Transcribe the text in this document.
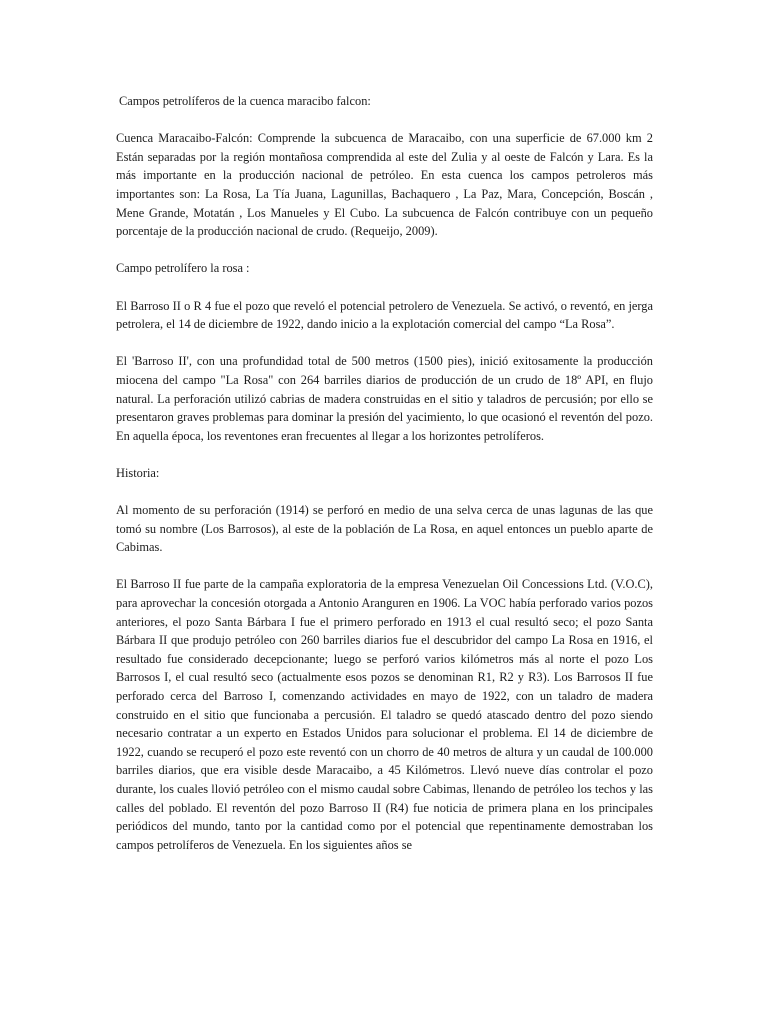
Campos petrolíferos de la cuenca maracibo falcon:

Cuenca Maracaibo-Falcón: Comprende la subcuenca de Maracaibo, con una superficie de 67.000 km 2 Están separadas por la región montañosa comprendida al este del Zulia y al oeste de Falcón y Lara. Es la más importante en la producción nacional de petróleo. En esta cuenca los campos petroleros más importantes son: La Rosa, La Tía Juana, Lagunillas, Bachaquero , La Paz, Mara, Concepción, Boscán , Mene Grande, Motatán , Los Manueles y El Cubo. La subcuenca de Falcón contribuye con un pequeño porcentaje de la producción nacional de crudo. (Requeijo, 2009).

Campo petrolífero la rosa :

El Barroso II o R 4 fue el pozo que reveló el potencial petrolero de Venezuela. Se activó, o reventó, en jerga petrolera, el 14 de diciembre de 1922, dando inicio a la explotación comercial del campo “La Rosa”.

El 'Barroso II', con una profundidad total de 500 metros (1500 pies), inició exitosamente la producción miocena del campo "La Rosa" con 264 barriles diarios de producción de un crudo de 18º API, en flujo natural. La perforación utilizó cabrias de madera construidas en el sitio y taladros de percusión; por ello se presentaron graves problemas para dominar la presión del yacimiento, lo que ocasionó el reventón del pozo. En aquella época, los reventones eran frecuentes al llegar a los horizontes petrolíferos.

Historia:

Al momento de su perforación (1914) se perforó en medio de una selva cerca de unas lagunas de las que tomó su nombre (Los Barrosos), al este de la población de La Rosa, en aquel entonces un pueblo aparte de Cabimas.

El Barroso II fue parte de la campaña exploratoria de la empresa Venezuelan Oil Concessions Ltd. (V.O.C), para aprovechar la concesión otorgada a Antonio Aranguren en 1906. La VOC había perforado varios pozos anteriores, el pozo Santa Bárbara I fue el primero perforado en 1913 el cual resultó seco; el pozo Santa Bárbara II que produjo petróleo con 260 barriles diarios fue el descubridor del campo La Rosa en 1916, el resultado fue considerado decepcionante; luego se perforó varios kilómetros más al norte el pozo Los Barrosos I, el cual resultó seco (actualmente esos pozos se denominan R1, R2 y R3). Los Barrosos II fue perforado cerca del Barroso I, comenzando actividades en mayo de 1922, con un taladro de madera construido en el sitio que funcionaba a percusión. El taladro se quedó atascado dentro del pozo siendo necesario contratar a un experto en Estados Unidos para solucionar el problema. El 14 de diciembre de 1922, cuando se recuperó el pozo este reventó con un chorro de 40 metros de altura y un caudal de 100.000 barriles diarios, que era visible desde Maracaibo, a 45 Kilómetros. Llevó nueve días controlar el pozo durante, los cuales llovió petróleo con el mismo caudal sobre Cabimas, llenando de petróleo los techos y las calles del poblado. El reventón del pozo Barroso II (R4) fue noticia de primera plana en los principales periódicos del mundo, tanto por la cantidad como por el potencial que repentinamente demostraban los campos petrolíferos de Venezuela. En los siguientes años se
